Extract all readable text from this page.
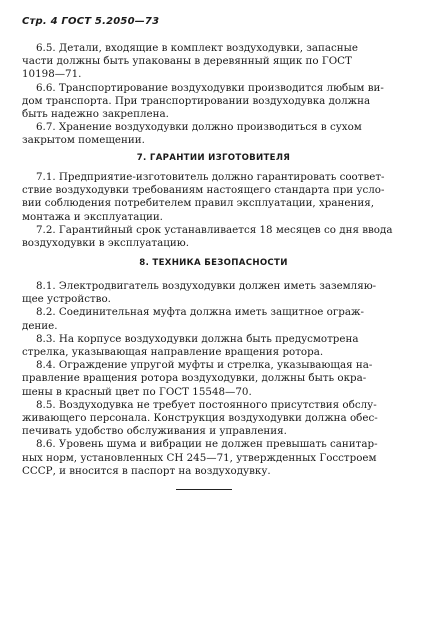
Стр. 4 ГОСТ 5.2050—73

6.5. Детали, входящие в комплект воздуходувки, запасные
части должны быть упакованы в деревянный ящик по ГОСТ
10198—71.

6.6. Транспортирование воздуходувки производится любым ви-
дом транспорта. При транспортировании воздуходувка должна
быть надежно закреплена.

6.7. Хранение воздуходувки должно производиться в сухом
закрытом помещении.

7. ГАРАНТИИ ИЗГОТОВИТЕЛЯ

7.1. Предприятие-изготовитель должно гарантировать соответ-
ствие воздуходувки требованиям настоящего стандарта при усло-
вии соблюдения потребителем правил эксплуатации, хранения,
монтажа и эксплуатации.

7.2. Гарантийный срок устанавливается 18 месяцев со дня ввода
воздуходувки в эксплуатацию.

8. ТЕХНИКА БЕЗОПАСНОСТИ

8.1. Электродвигатель воздуходувки должен иметь заземляю-
щее устройство.

8.2. Соединительная муфта должна иметь защитное ограж-
дение.

8.3. На корпусе воздуходувки должна быть предусмотрена
стрелка, указывающая направление вращения ротора.

8.4. Ограждение упругой муфты и стрелка, указывающая на-
правление вращения ротора воздуходувки, должны быть окра-
шены в красный цвет по ГОСТ 15548—70.

8.5. Воздуходувка не требует постоянного присутствия обслу-
живающего персонала. Конструкция воздуходувки должна обес-
печивать удобство обслуживания и управления.

8.6. Уровень шума и вибрации не должен превышать санитар-
ных норм, установленных СН 245—71, утвержденных Госстроем
СССР, и вносится в паспорт на воздуходувку.
